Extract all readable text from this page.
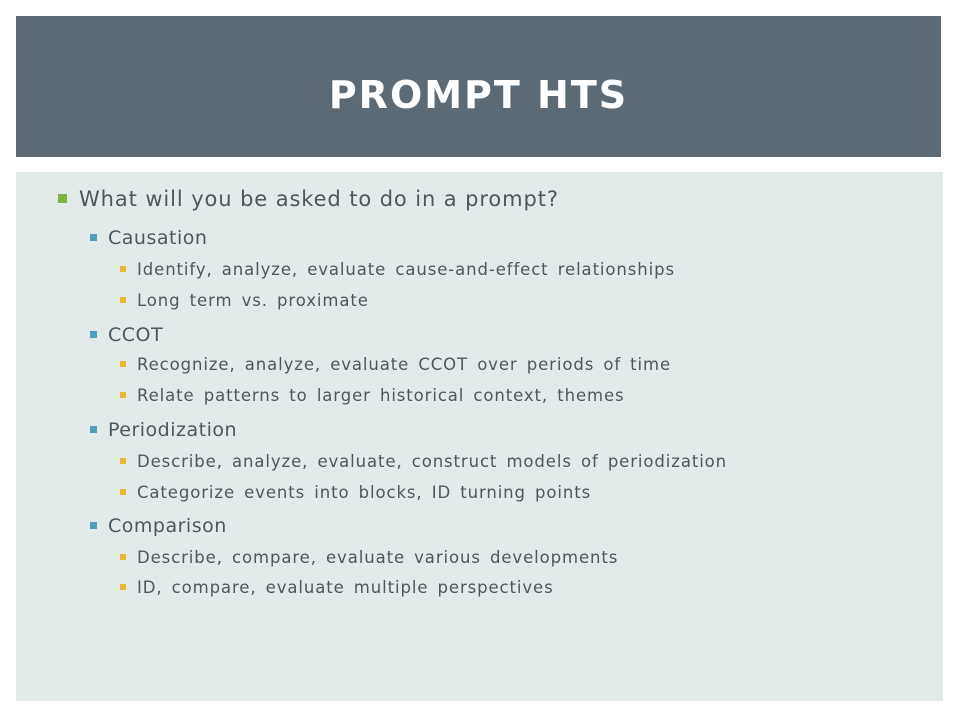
PROMPT HTS
What will you be asked to do in a prompt?
Causation
Identify, analyze, evaluate cause-and-effect relationships
Long term vs. proximate
CCOT
Recognize, analyze, evaluate CCOT over periods of time
Relate patterns to larger historical context, themes
Periodization
Describe, analyze, evaluate, construct models of periodization
Categorize events into blocks, ID turning points
Comparison
Describe, compare, evaluate various developments
ID, compare, evaluate multiple perspectives
